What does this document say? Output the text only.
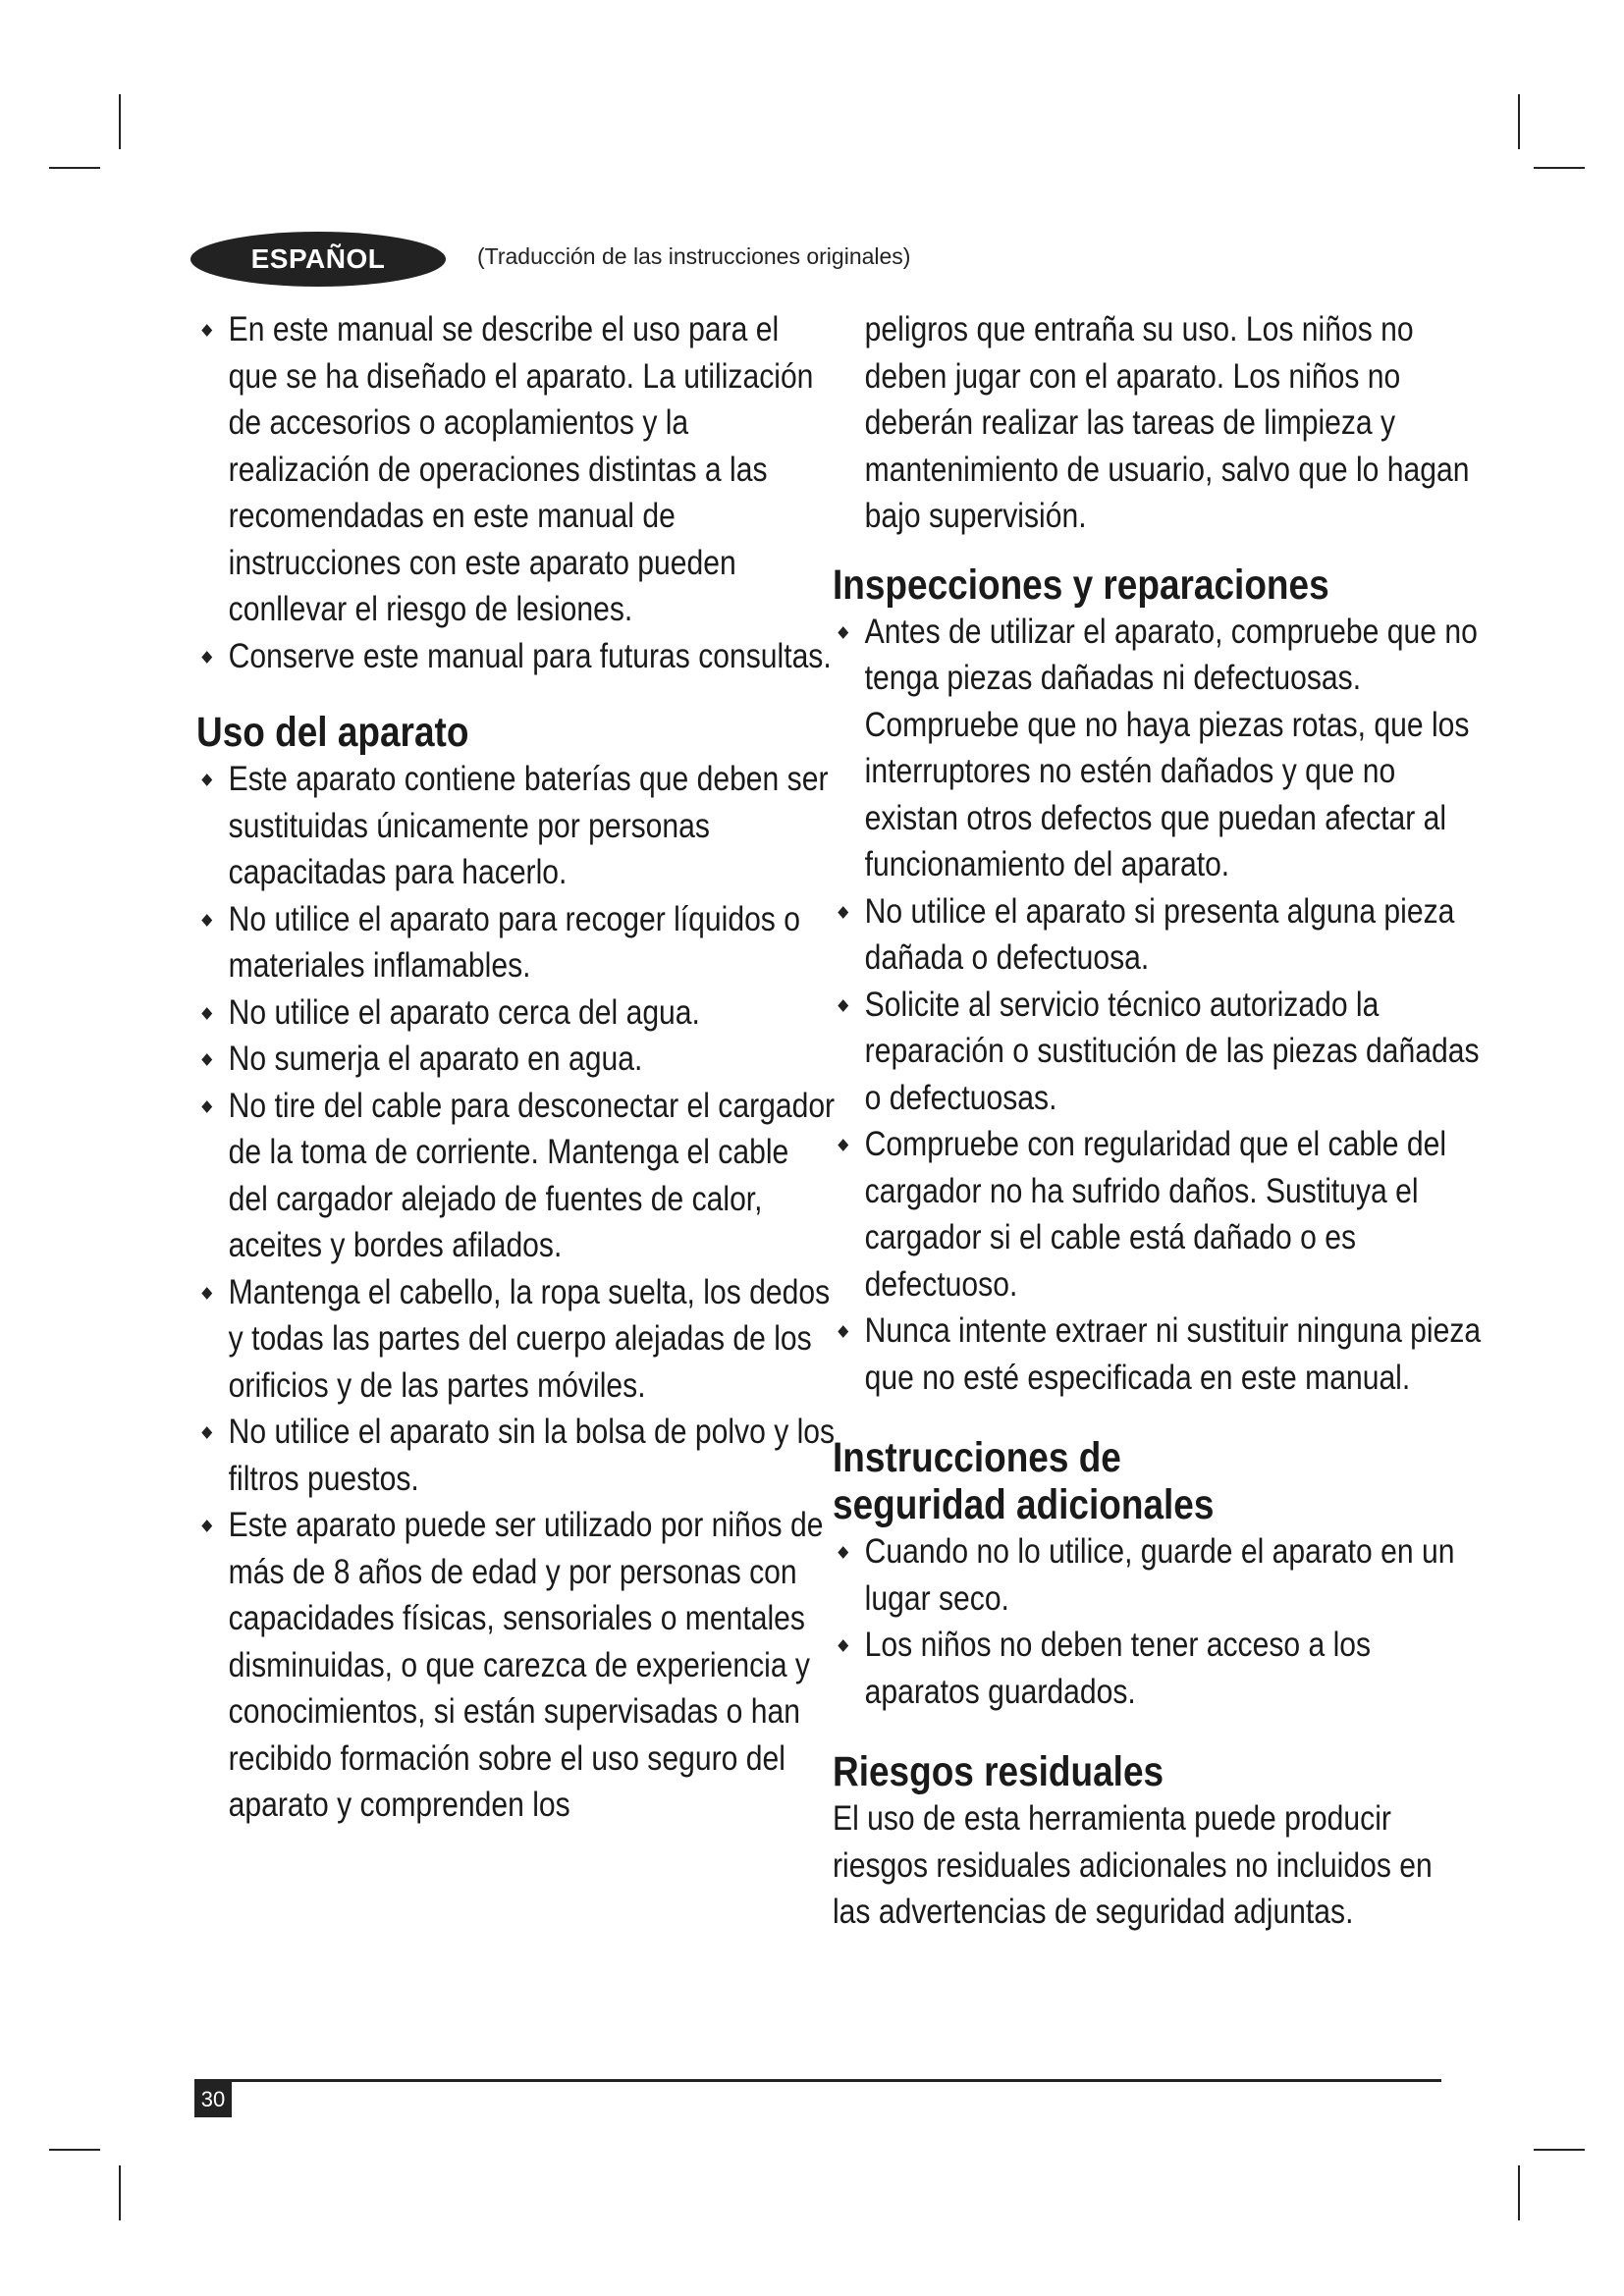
ESPAÑOL	(Traducción de las instrucciones originales)
En este manual se describe el uso para el que se ha diseñado el aparato. La utilización de accesorios o acoplamientos y la realización de operaciones distintas a las recomendadas en este manual de instrucciones con este aparato pueden conllevar el riesgo de lesiones.
Conserve este manual para futuras consultas.
Uso del aparato
Este aparato contiene baterías que deben ser sustituidas únicamente por personas capacitadas para hacerlo.
No utilice el aparato para recoger líquidos o materiales inflamables.
No utilice el aparato cerca del agua.
No sumerja el aparato en agua.
No tire del cable para desconectar el cargador de la toma de corriente. Mantenga el cable del cargador alejado de fuentes de calor, aceites y bordes afilados.
Mantenga el cabello, la ropa suelta, los dedos y todas las partes del cuerpo alejadas de los orificios y de las partes móviles.
No utilice el aparato sin la bolsa de polvo y los filtros puestos.
Este aparato puede ser utilizado por niños de más de 8 años de edad y por personas con capacidades físicas, sensoriales o mentales disminuidas, o que carezca de experiencia y conocimientos, si están supervisadas o han recibido formación sobre el uso seguro del aparato y comprenden los
peligros que entraña su uso. Los niños no deben jugar con el aparato. Los niños no deberán realizar las tareas de limpieza y mantenimiento de usuario, salvo que lo hagan bajo supervisión.
Inspecciones y reparaciones
Antes de utilizar el aparato, compruebe que no tenga piezas dañadas ni defectuosas. Compruebe que no haya piezas rotas, que los interruptores no estén dañados y que no existan otros defectos que puedan afectar al funcionamiento del aparato.
No utilice el aparato si presenta alguna pieza dañada o defectuosa.
Solicite al servicio técnico autorizado la reparación o sustitución de las piezas dañadas o defectuosas.
Compruebe con regularidad que el cable del cargador no ha sufrido daños. Sustituya el cargador si el cable está dañado o es defectuoso.
Nunca intente extraer ni sustituir ninguna pieza que no esté especificada en este manual.
Instrucciones de seguridad adicionales
Cuando no lo utilice, guarde el aparato en un lugar seco.
Los niños no deben tener acceso a los aparatos guardados.
Riesgos residuales
El uso de esta herramienta puede producir riesgos residuales adicionales no incluidos en las advertencias de seguridad adjuntas.
30
